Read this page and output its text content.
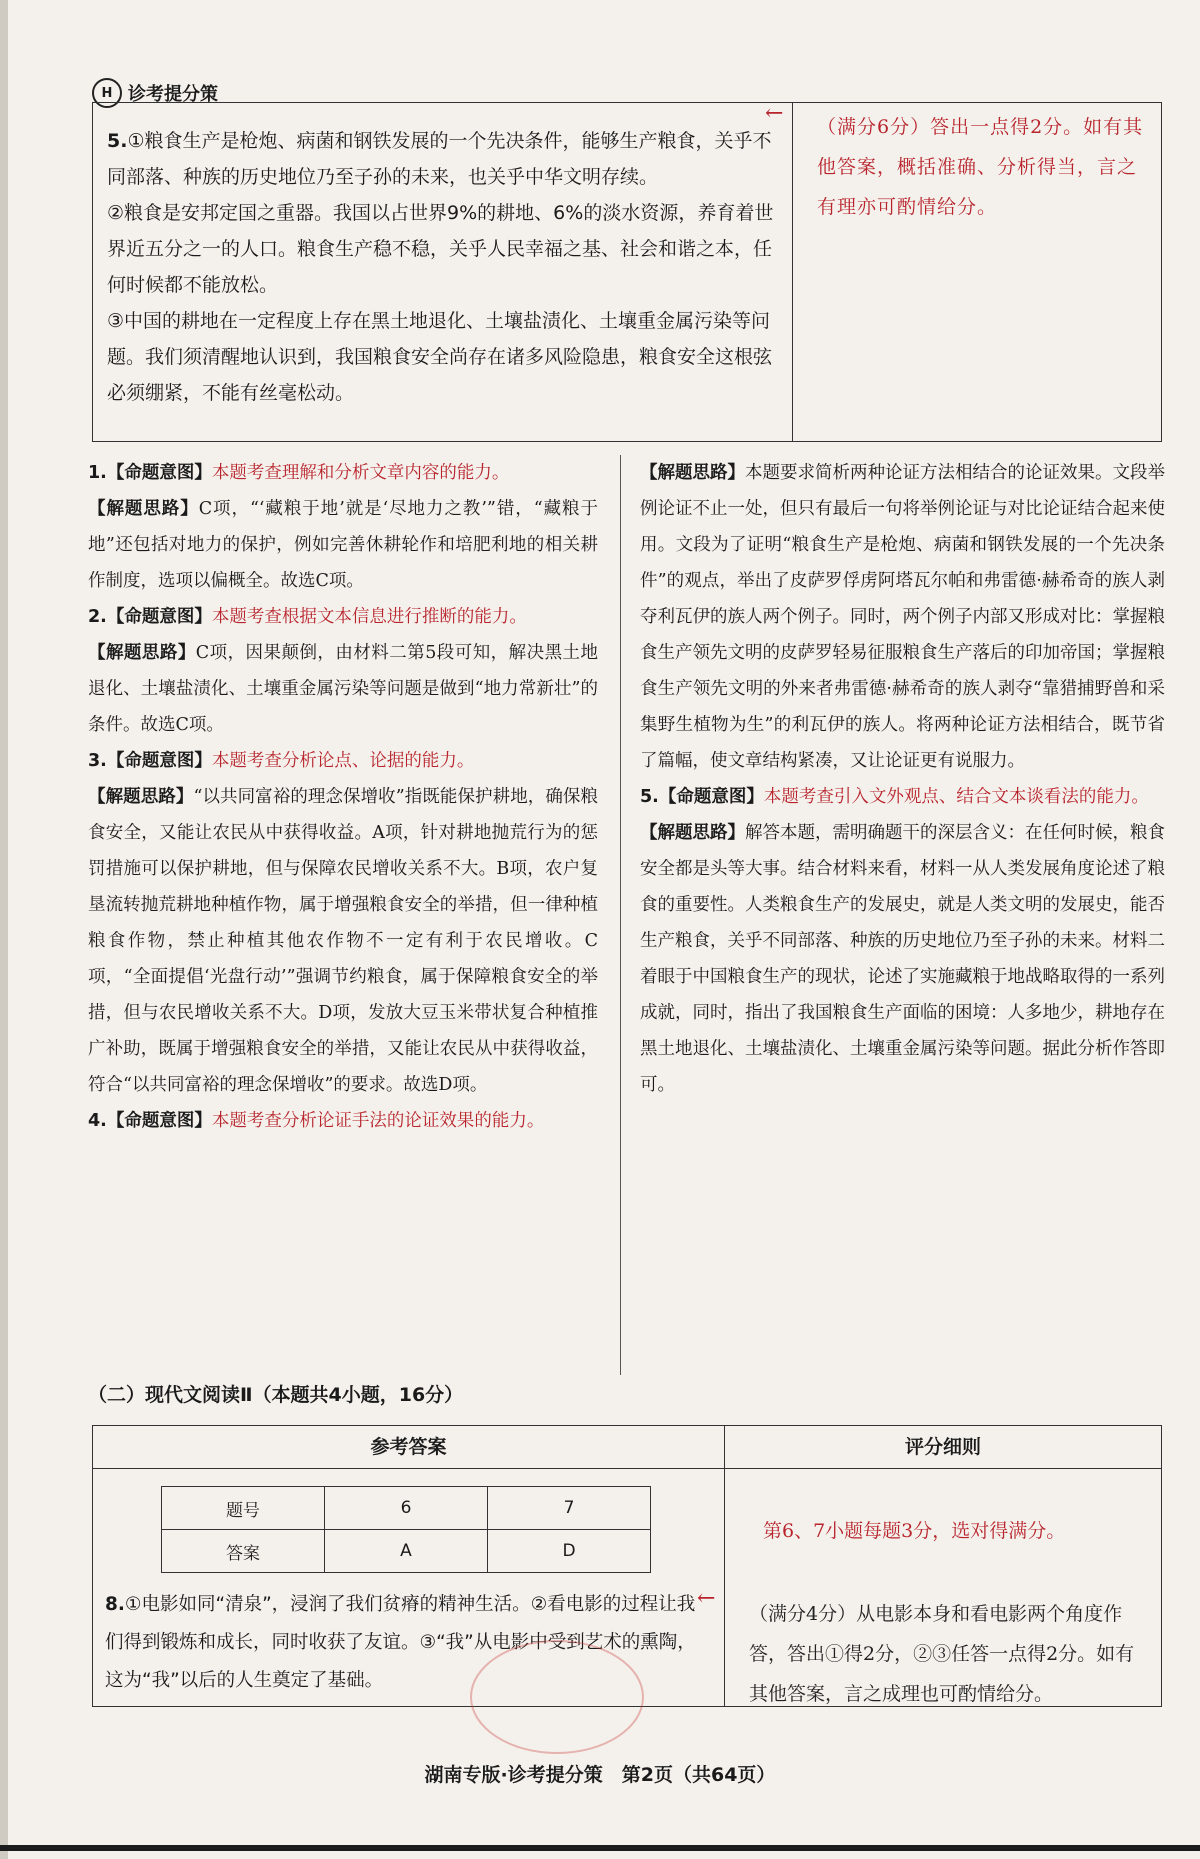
H 诊考提分策

5.①粮食生产是枪炮、病菌和钢铁发展的一个先决条件，能够生产粮食，关乎不同部落、种族的历史地位乃至子孙的未来，也关乎中华文明存续。

②粮食是安邦定国之重器。我国以占世界9%的耕地、6%的淡水资源，养育着世界近五分之一的人口。粮食生产稳不稳，关乎人民幸福之基、社会和谐之本，任何时候都不能放松。

③中国的耕地在一定程度上存在黑土地退化、土壤盐渍化、土壤重金属污染等问题。我们须清醒地认识到，我国粮食安全尚存在诸多风险隐患，粮食安全这根弦必须绷紧，不能有丝毫松动。

←

（满分6分）答出一点得2分。如有其他答案，概括准确、分析得当，言之有理亦可酌情给分。

1.【命题意图】本题考查理解和分析文章内容的能力。

【解题思路】C项，“‘藏粮于地’就是‘尽地力之教’”错，“藏粮于地”还包括对地力的保护，例如完善休耕轮作和培肥利地的相关耕作制度，选项以偏概全。故选C项。

2.【命题意图】本题考查根据文本信息进行推断的能力。

【解题思路】C项，因果颠倒，由材料二第5段可知，解决黑土地退化、土壤盐渍化、土壤重金属污染等问题是做到“地力常新壮”的条件。故选C项。

3.【命题意图】本题考查分析论点、论据的能力。

【解题思路】“以共同富裕的理念保增收”指既能保护耕地，确保粮食安全，又能让农民从中获得收益。A项，针对耕地抛荒行为的惩罚措施可以保护耕地，但与保障农民增收关系不大。B项，农户复垦流转抛荒耕地种植作物，属于增强粮食安全的举措，但一律种植粮食作物，禁止种植其他农作物不一定有利于农民增收。C项，“全面提倡‘光盘行动’”强调节约粮食，属于保障粮食安全的举措，但与农民增收关系不大。D项，发放大豆玉米带状复合种植推广补助，既属于增强粮食安全的举措，又能让农民从中获得收益，符合“以共同富裕的理念保增收”的要求。故选D项。

4.【命题意图】本题考查分析论证手法的论证效果的能力。

【解题思路】本题要求简析两种论证方法相结合的论证效果。文段举例论证不止一处，但只有最后一句将举例论证与对比论证结合起来使用。文段为了证明“粮食生产是枪炮、病菌和钢铁发展的一个先决条件”的观点，举出了皮萨罗俘虏阿塔瓦尔帕和弗雷德·赫希奇的族人剥夺利瓦伊的族人两个例子。同时，两个例子内部又形成对比：掌握粮食生产领先文明的皮萨罗轻易征服粮食生产落后的印加帝国；掌握粮食生产领先文明的外来者弗雷德·赫希奇的族人剥夺“靠猎捕野兽和采集野生植物为生”的利瓦伊的族人。将两种论证方法相结合，既节省了篇幅，使文章结构紧凑，又让论证更有说服力。

5.【命题意图】本题考查引入文外观点、结合文本谈看法的能力。

【解题思路】解答本题，需明确题干的深层含义：在任何时候，粮食安全都是头等大事。结合材料来看，材料一从人类发展角度论述了粮食的重要性。人类粮食生产的发展史，就是人类文明的发展史，能否生产粮食，关乎不同部落、种族的历史地位乃至子孙的未来。材料二着眼于中国粮食生产的现状，论述了实施藏粮于地战略取得的一系列成就，同时，指出了我国粮食生产面临的困境：人多地少，耕地存在黑土地退化、土壤盐渍化、土壤重金属污染等问题。据此分析作答即可。

（二）现代文阅读Ⅱ（本题共4小题，16分）
参考答案
题号	6	7
答案	A	D
8.①电影如同“清泉”，浸润了我们贫瘠的精神生活。②看电影的过程让我们得到锻炼和成长，同时收获了友谊。③“我”从电影中受到艺术的熏陶，这为“我”以后的人生奠定了基础。
评分细则
第6、7小题每题3分，选对得满分。
←
（满分4分）从电影本身和看电影两个角度作答，答出①得2分，②③任答一点得2分。如有其他答案，言之成理也可酌情给分。
湖南专版·诊考提分策　第2页（共64页）
